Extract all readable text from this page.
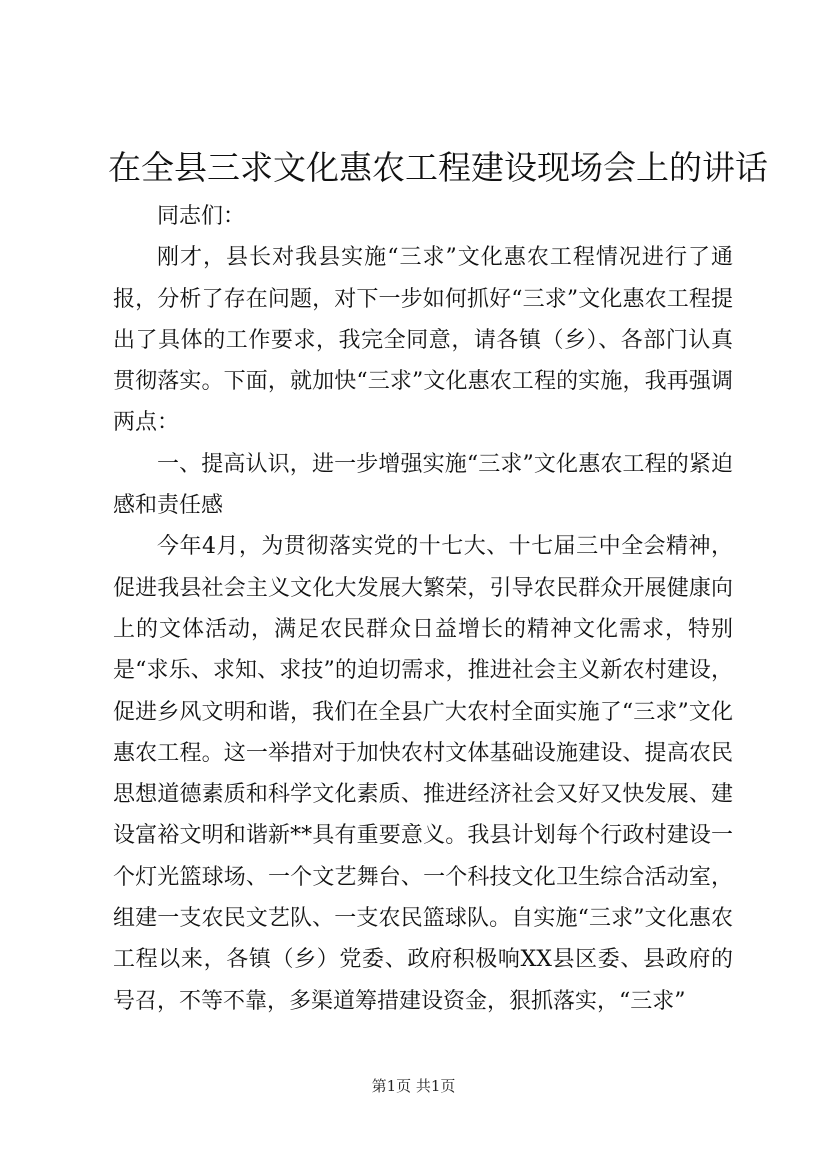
在全县三求文化惠农工程建设现场会上的讲话

同志们：

刚才，县长对我县实施“三求”文化惠农工程情况进行了通报，分析了存在问题，对下一步如何抓好“三求”文化惠农工程提出了具体的工作要求，我完全同意，请各镇（乡）、各部门认真贯彻落实。下面，就加快“三求”文化惠农工程的实施，我再强调两点：

一、提高认识，进一步增强实施“三求”文化惠农工程的紧迫感和责任感

今年4月，为贯彻落实党的十七大、十七届三中全会精神，促进我县社会主义文化大发展大繁荣，引导农民群众开展健康向上的文体活动，满足农民群众日益增长的精神文化需求，特别是“求乐、求知、求技”的迫切需求，推进社会主义新农村建设，促进乡风文明和谐，我们在全县广大农村全面实施了“三求”文化惠农工程。这一举措对于加快农村文体基础设施建设、提高农民思想道德素质和科学文化素质、推进经济社会又好又快发展、建设富裕文明和谐新**具有重要意义。我县计划每个行政村建设一个灯光篮球场、一个文艺舞台、一个科技文化卫生综合活动室，组建一支农民文艺队、一支农民篮球队。自实施“三求”文化惠农工程以来，各镇（乡）党委、政府积极响XX县区委、县政府的号召，不等不靠，多渠道筹措建设资金，狠抓落实，“三求”

第1页 共1页
